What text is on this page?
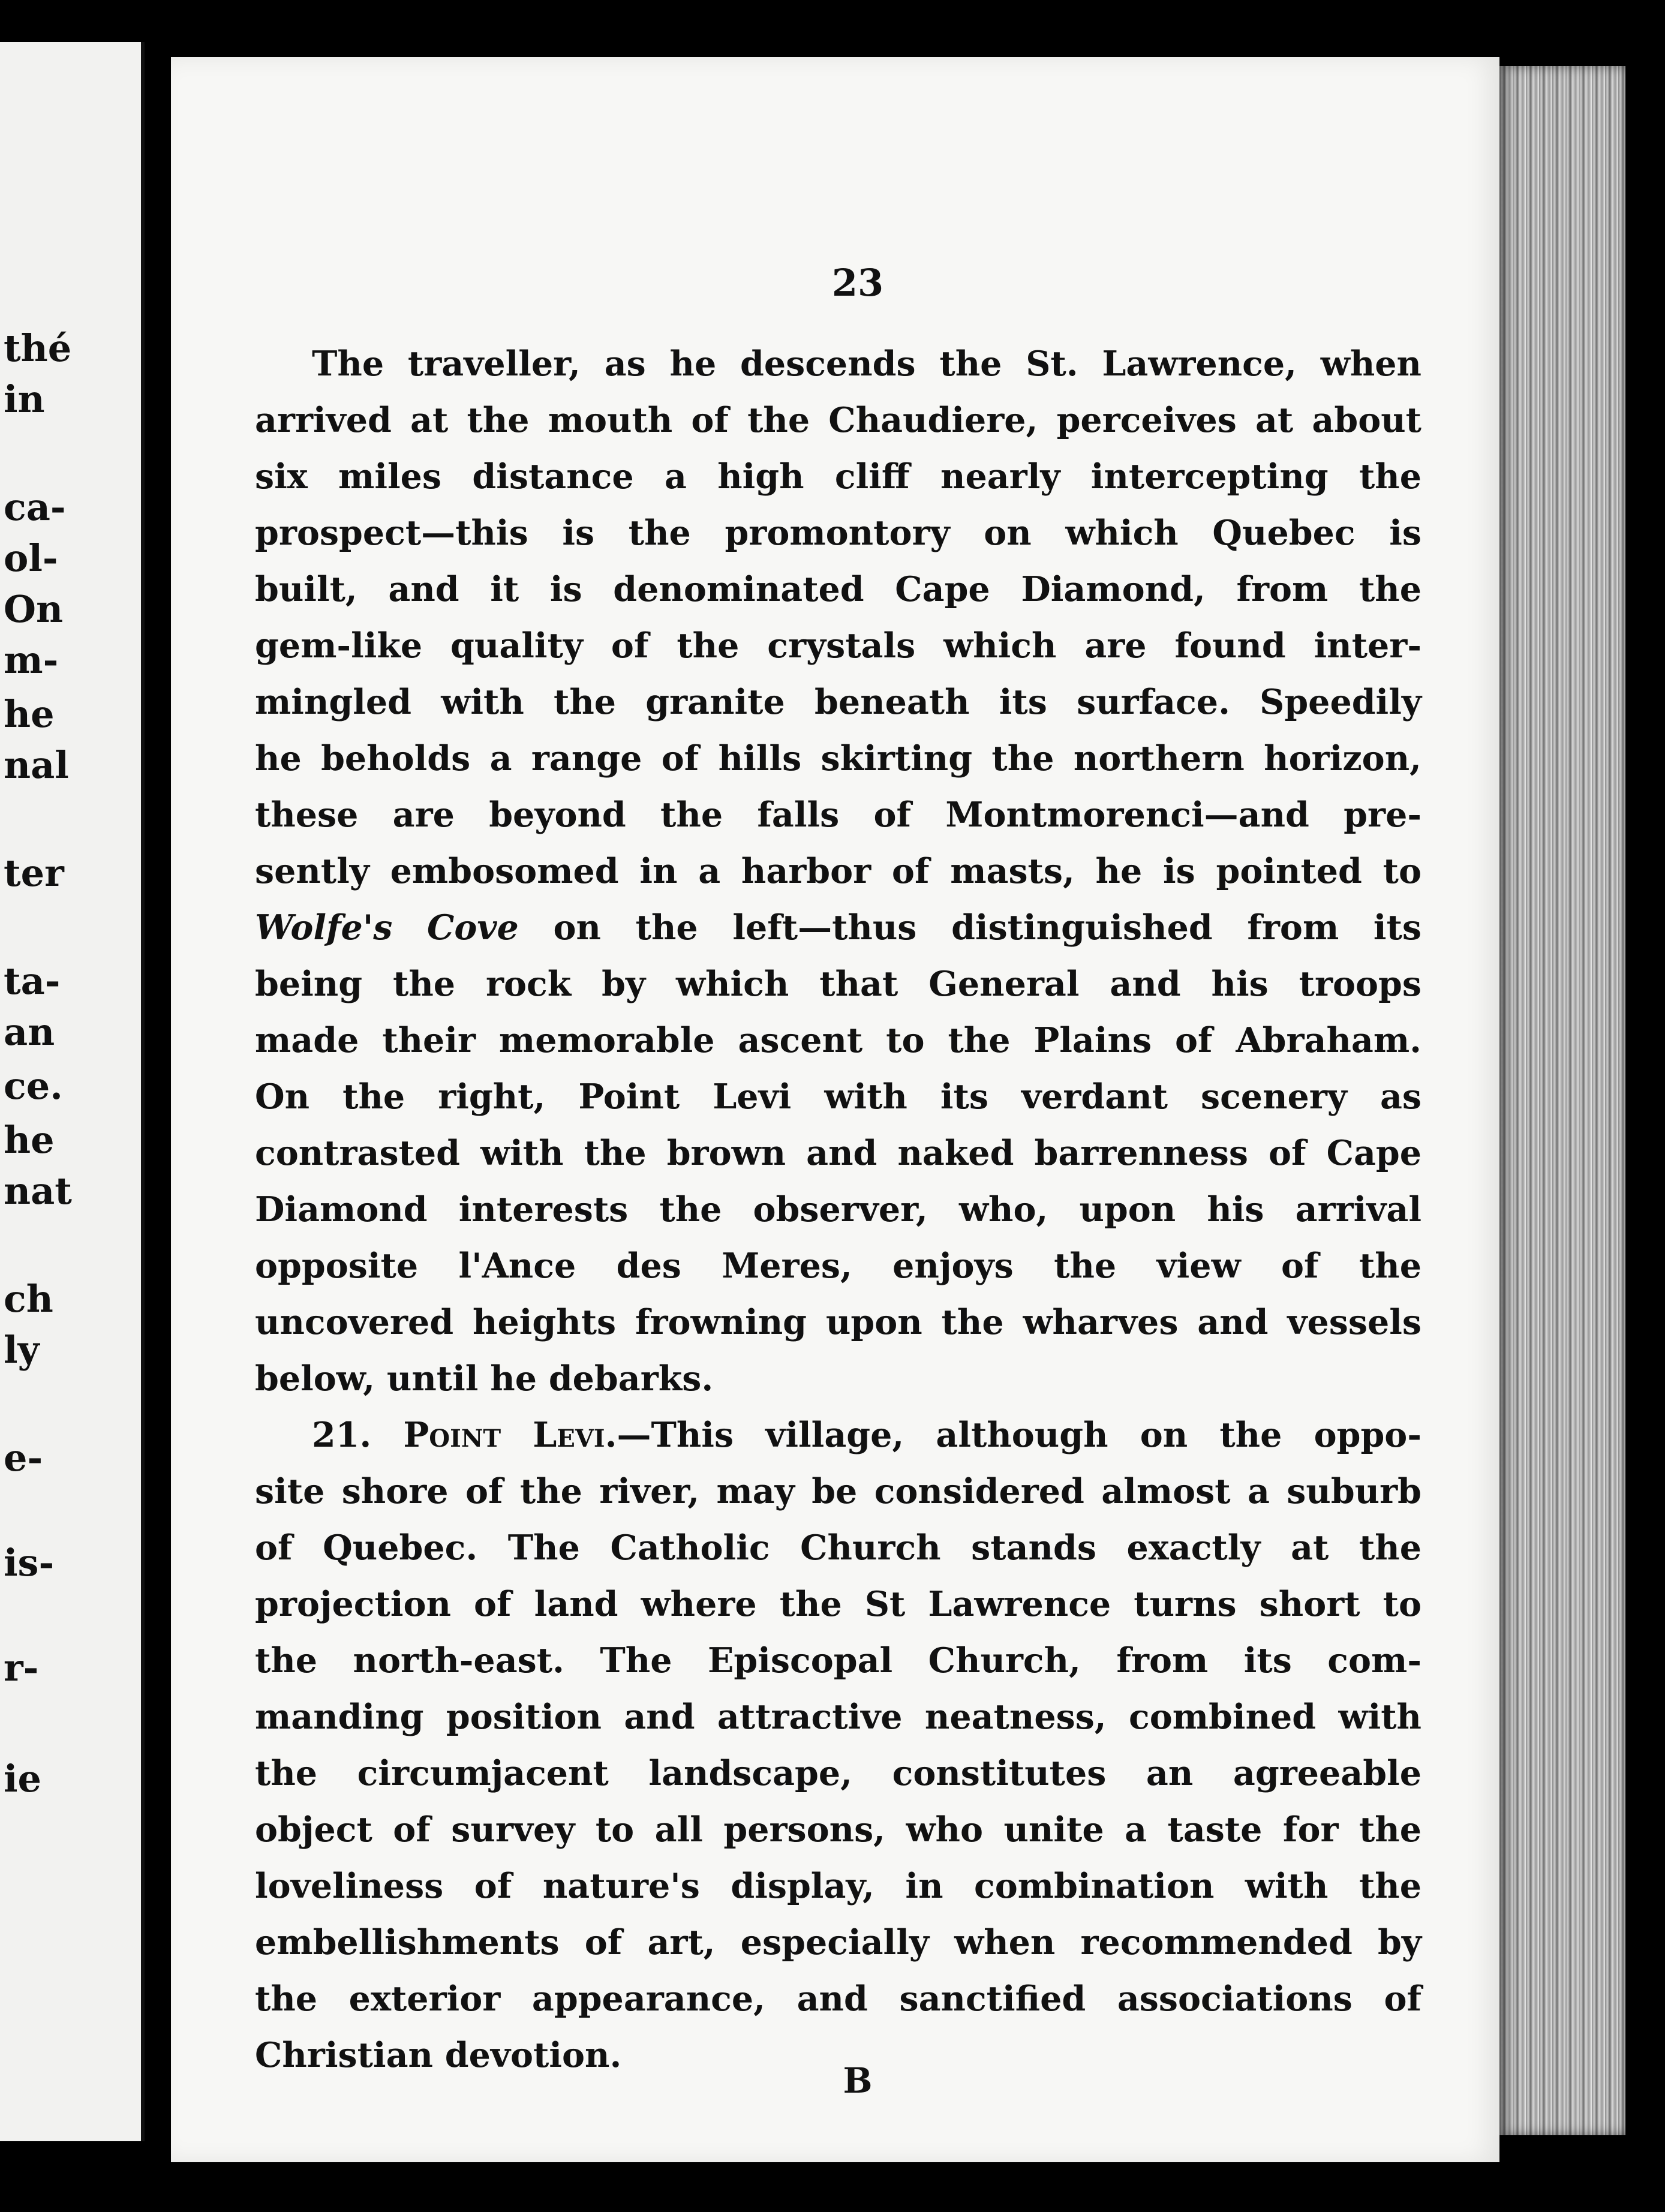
thé
in
ca-
ol-
On
m-
he
nal
ter
ta-
an
ce.
he
nat
ch
ly
e-
is-
r-
ie
23
The traveller, as he descends the St. Lawrence, when
arrived at the mouth of the Chaudiere, perceives at about
six miles distance a high cliff nearly intercepting the
prospect—this is the promontory on which Quebec is
built, and it is denominated Cape Diamond, from the
gem-like quality of the crystals which are found inter-
mingled with the granite beneath its surface. Speedily
he beholds a range of hills skirting the northern horizon,
these are beyond the falls of Montmorenci—and pre-
sently embosomed in a harbor of masts, he is pointed to
Wolfe's Cove on the left—thus distinguished from its
being the rock by which that General and his troops
made their memorable ascent to the Plains of Abraham.
On the right, Point Levi with its verdant scenery as
contrasted with the brown and naked barrenness of Cape
Diamond interests the observer, who, upon his arrival
opposite l'Ance des Meres, enjoys the view of the
uncovered heights frowning upon the wharves and vessels
below, until he debarks.
21. Point Levi.—This village, although on the oppo-
site shore of the river, may be considered almost a suburb
of Quebec. The Catholic Church stands exactly at the
projection of land where the St Lawrence turns short to
the north-east. The Episcopal Church, from its com-
manding position and attractive neatness, combined with
the circumjacent landscape, constitutes an agreeable
object of survey to all persons, who unite a taste for the
loveliness of nature's display, in combination with the
embellishments of art, especially when recommended by
the exterior appearance, and sanctified associations of
Christian devotion.
B
